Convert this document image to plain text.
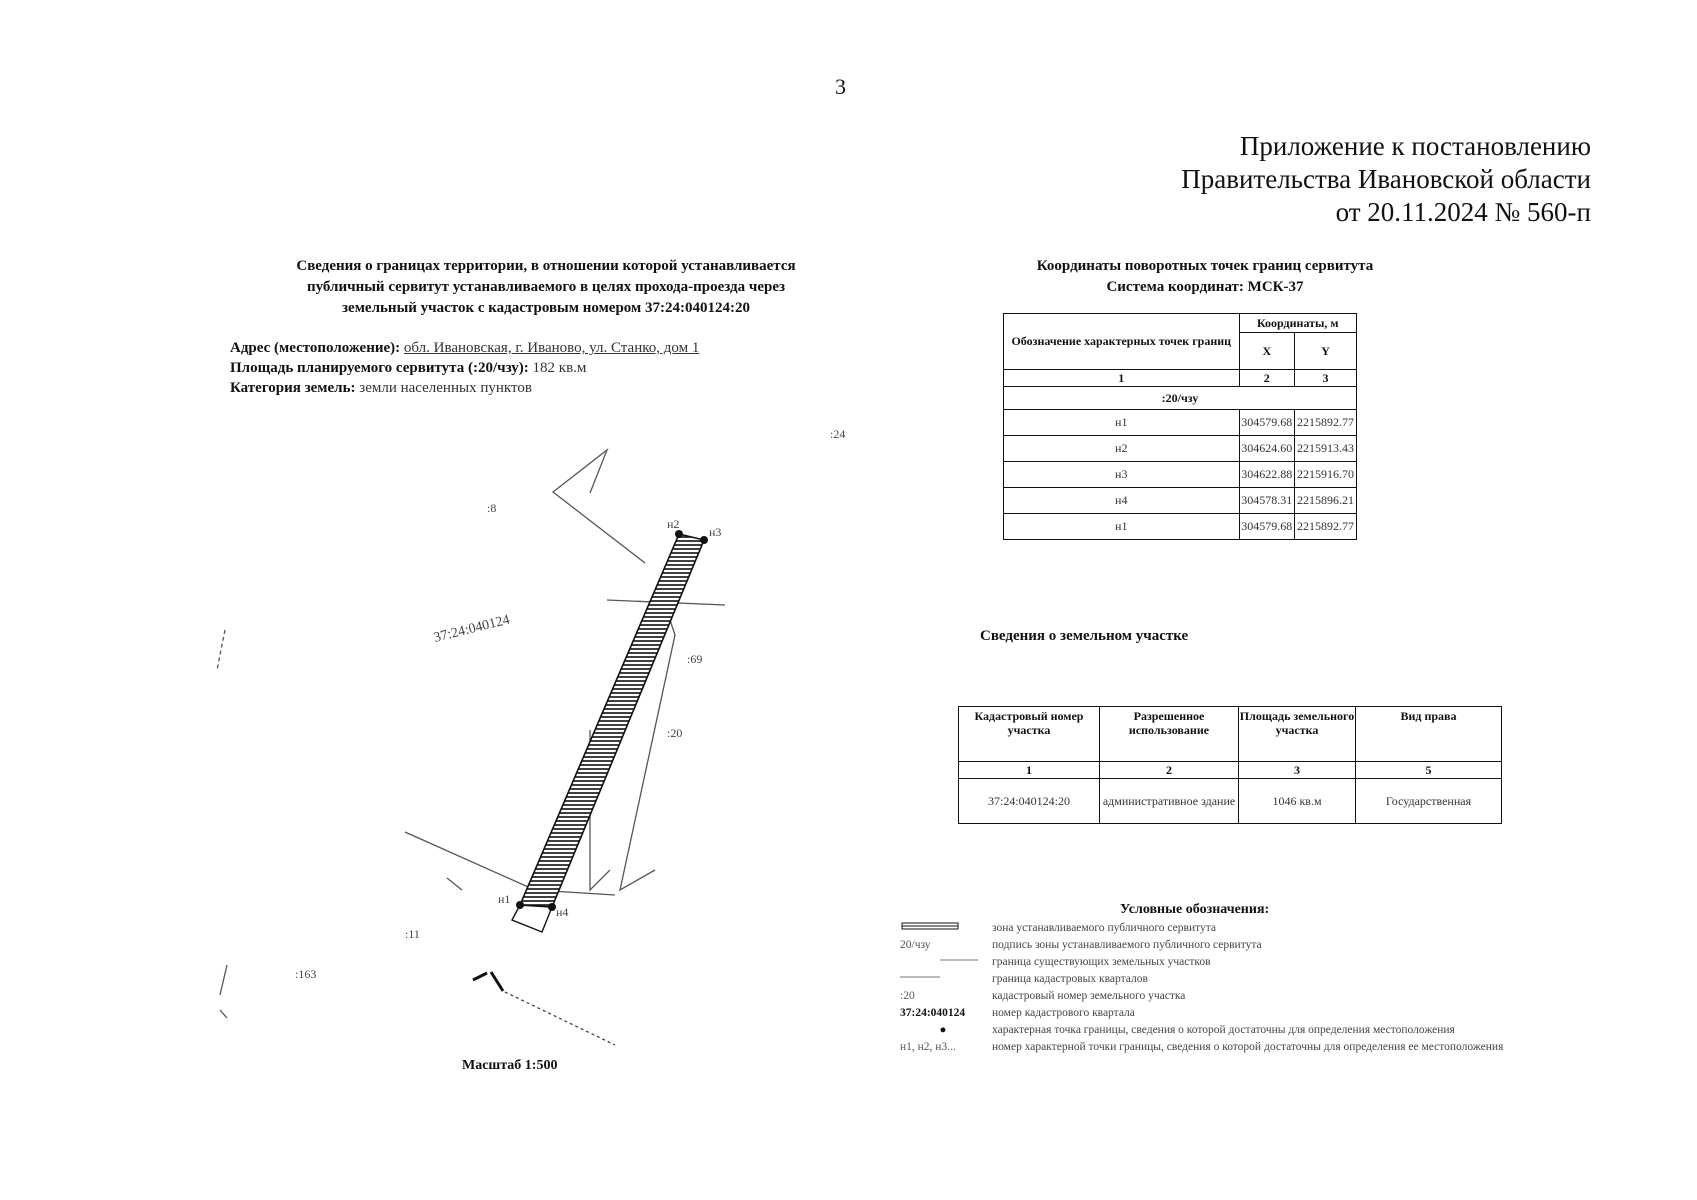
3
Приложение к постановлению
Правительства Ивановской области
от 20.11.2024 № 560-п
Сведения о границах территории, в отношении которой устанавливается
публичный сервитут устанавливаемого в целях прохода-проезда через
земельный участок с кадастровым номером 37:24:040124:20
Адрес (местоположение): обл. Ивановская, г. Иваново, ул. Станко, дом 1
Площадь планируемого сервитута (:20/чзу): 182 кв.м
Категория земель: земли населенных пунктов
37:24:040124
:20
:69
:8
:11
:163
:24
н2
н3
н4
н1
Масштаб 1:500
Координаты поворотных точек границ сервитута
Система координат: МСК-37
Обозначение характерных точек границ	Координаты, м	
	X	Y
1	2	3
:20/чзу		
н1	304579.68	2215892.77
н2	304624.60	2215913.43
н3	304622.88	2215916.70
н4	304578.31	2215896.21
н1	304579.68	2215892.77
Сведения о земельном участке
Кадастровый номер участка	Разрешенное использование	Площадь земельного участка	Вид права
1	2	3	5
37:24:040124:20	административное здание	1046 кв.м	Государственная
Условные обозначения:
зона устанавливаемого публичного сервитута
20/чзу	подпись зоны устанавливаемого публичного сервитута
граница существующих земельных участков
граница кадастровых кварталов
:20	кадастровый номер земельного участка
37:24:040124	номер кадастрового квартала
●	характерная точка границы, сведения о которой достаточны для определения местоположения
н1, н2, н3...	номер характерной точки границы, сведения о которой достаточны для определения ее местоположения
